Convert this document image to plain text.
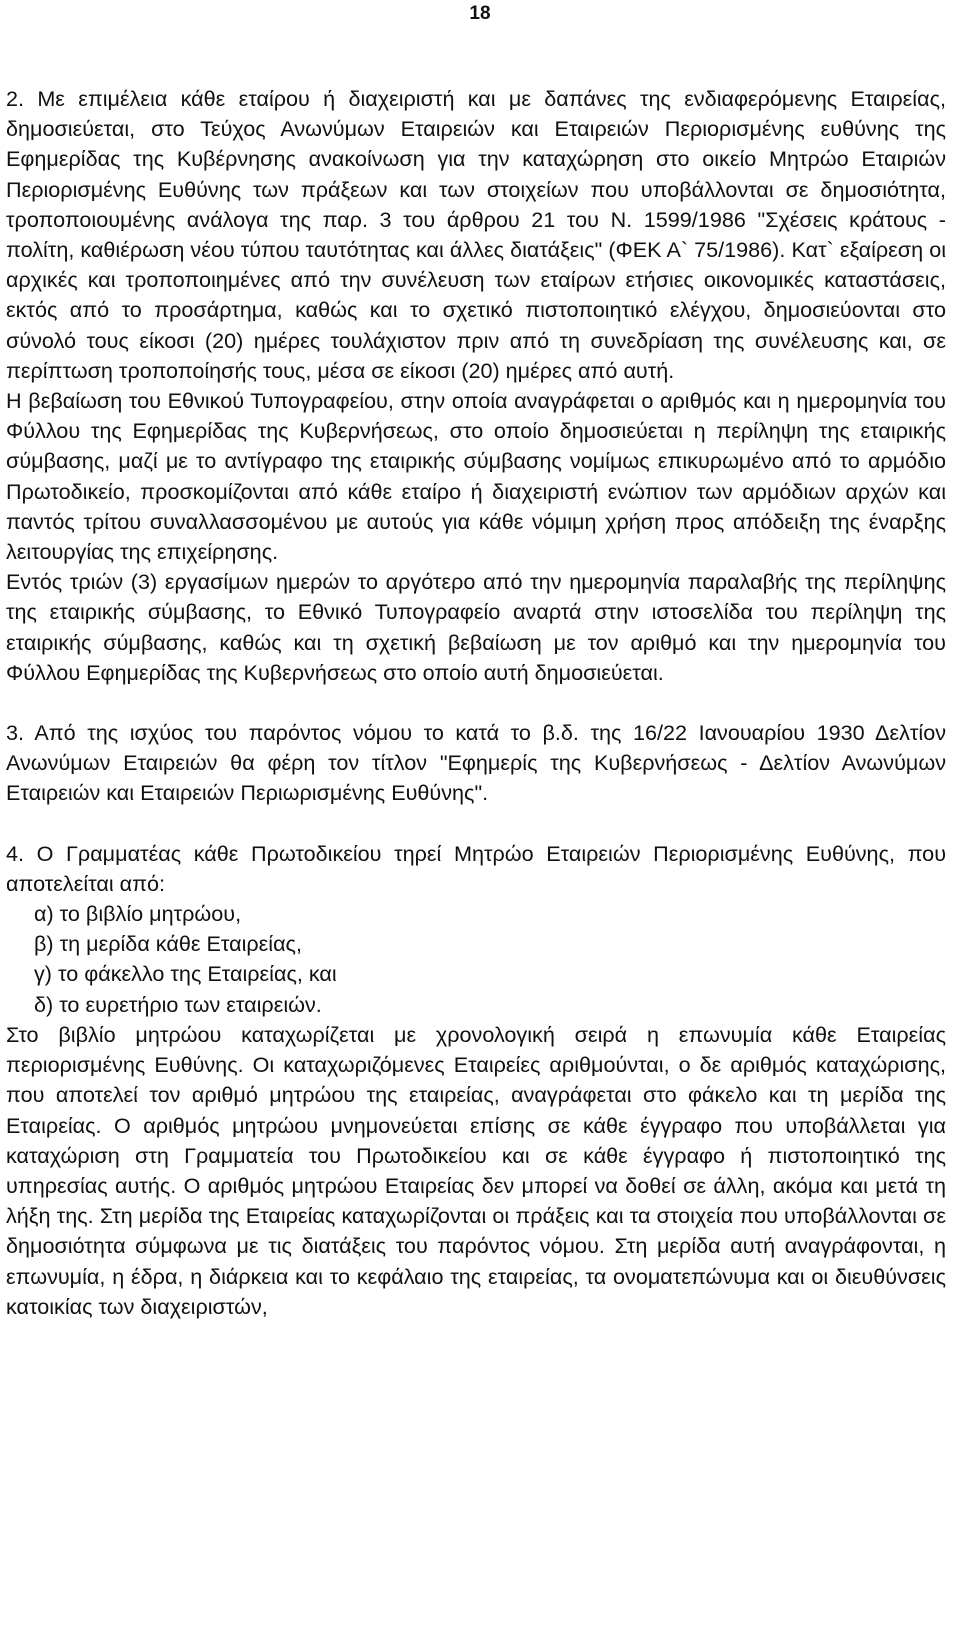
18

2. Με επιμέλεια κάθε εταίρου ή διαχειριστή και με δαπάνες της ενδιαφερόμενης Εταιρείας, δημοσιεύεται, στο Τεύχος Ανωνύμων Εταιρειών και Εταιρειών Περιορισμένης ευθύνης της Εφημερίδας της Κυβέρνησης ανακοίνωση για την καταχώρηση στο οικείο Μητρώο Εταιριών Περιορισμένης Ευθύνης των πράξεων και των στοιχείων που υποβάλλονται σε δημοσιότητα, τροποποιουμένης ανάλογα της παρ. 3 του άρθρου 21 του Ν. 1599/1986 "Σχέσεις κράτους - πολίτη, καθιέρωση νέου τύπου ταυτότητας και άλλες διατάξεις" (ΦΕΚ Α` 75/1986). Κατ` εξαίρεση οι αρχικές και τροποποιημένες από την συνέλευση των εταίρων ετήσιες οικονομικές καταστάσεις, εκτός από το προσάρτημα, καθώς και το σχετικό πιστοποιητικό ελέγχου, δημοσιεύονται στο σύνολό τους είκοσι (20) ημέρες τουλάχιστον πριν από τη συνεδρίαση της συνέλευσης και, σε περίπτωση τροποποίησής τους, μέσα σε είκοσι (20) ημέρες από αυτή.

Η βεβαίωση του Εθνικού Τυπογραφείου, στην οποία αναγράφεται ο αριθμός και η ημερομηνία του Φύλλου της Εφημερίδας της Κυβερνήσεως, στο οποίο δημοσιεύεται η περίληψη της εταιρικής σύμβασης, μαζί με το αντίγραφο της εταιρικής σύμβασης νομίμως επικυρωμένο από το αρμόδιο Πρωτοδικείο, προσκομίζονται από κάθε εταίρο ή διαχειριστή ενώπιον των αρμόδιων αρχών και παντός τρίτου συναλλασσομένου με αυτούς για κάθε νόμιμη χρήση προς απόδειξη της έναρξης λειτουργίας της επιχείρησης.

Εντός τριών (3) εργασίμων ημερών το αργότερο από την ημερομηνία παραλαβής της περίληψης της εταιρικής σύμβασης, το Εθνικό Τυπογραφείο αναρτά στην ιστοσελίδα του περίληψη της εταιρικής σύμβασης, καθώς και τη σχετική βεβαίωση με τον αριθμό και την ημερομηνία του Φύλλου Εφημερίδας της Κυβερνήσεως στο οποίο αυτή δημοσιεύεται.

3. Από της ισχύος του παρόντος νόμου το κατά το β.δ. της 16/22 Ιανουαρίου 1930 Δελτίον Ανωνύμων Εταιρειών θα φέρη τον τίτλον "Εφημερίς της Κυβερνήσεως - Δελτίον Ανωνύμων Εταιρειών και Εταιρειών Περιωρισμένης Ευθύνης".

4. Ο Γραμματέας κάθε Πρωτοδικείου τηρεί Μητρώο Εταιρειών Περιορισμένης Ευθύνης, που αποτελείται από:

α) το βιβλίο μητρώου,
β) τη μερίδα κάθε Εταιρείας,
γ) το φάκελλο της Εταιρείας, και
δ) το ευρετήριο των εταιρειών.

Στο βιβλίο μητρώου καταχωρίζεται με χρονολογική σειρά η επωνυμία κάθε Εταιρείας περιορισμένης Ευθύνης. Οι καταχωριζόμενες Εταιρείες αριθμούνται, ο δε αριθμός καταχώρισης, που αποτελεί τον αριθμό μητρώου της εταιρείας, αναγράφεται στο φάκελο και τη μερίδα της Εταιρείας. Ο αριθμός μητρώου μνημονεύεται επίσης σε κάθε έγγραφο που υποβάλλεται για καταχώριση στη Γραμματεία του Πρωτοδικείου και σε κάθε έγγραφο ή πιστοποιητικό της υπηρεσίας αυτής. Ο αριθμός μητρώου Εταιρείας δεν μπορεί να δοθεί σε άλλη, ακόμα και μετά τη λήξη της. Στη μερίδα της Εταιρείας καταχωρίζονται οι πράξεις και τα στοιχεία που υποβάλλονται σε δημοσιότητα σύμφωνα με τις διατάξεις του παρόντος νόμου. Στη μερίδα αυτή αναγράφονται, η επωνυμία, η έδρα, η διάρκεια και το κεφάλαιο της εταιρείας, τα ονοματεπώνυμα και οι διευθύνσεις κατοικίας των διαχειριστών,
